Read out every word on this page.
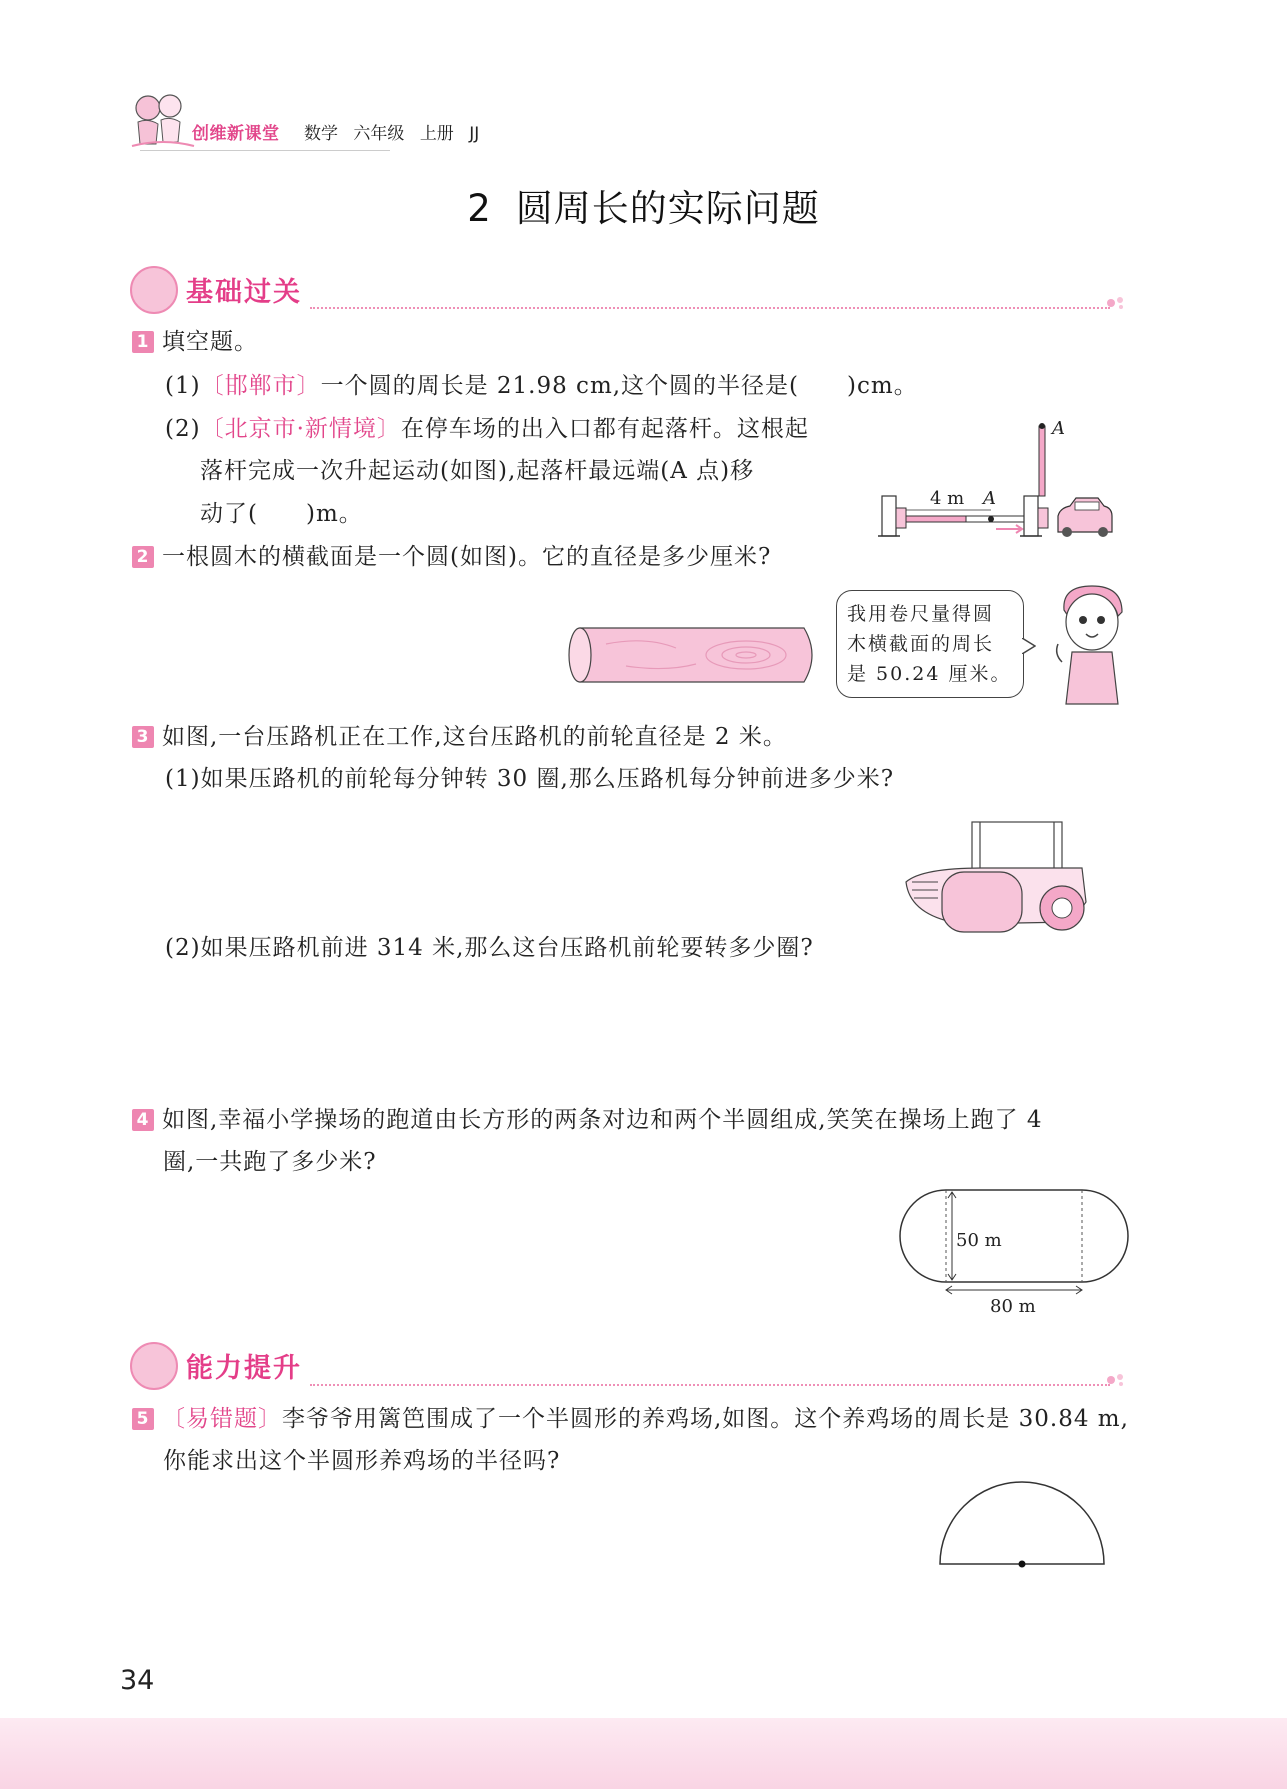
创维新课堂 数学 六年级 上册 JJ
2 圆周长的实际问题
基础过关
1 填空题。
(1)〔邯郸市〕一个圆的周长是 21.98 cm,这个圆的半径是( )cm。
(2)〔北京市·新情境〕在停车场的出入口都有起落杆。这根起
落杆完成一次升起运动(如图),起落杆最远端(A 点)移
动了( )m。
4 m A
A
2 一根圆木的横截面是一个圆(如图)。它的直径是多少厘米?
我用卷尺量得圆
木横截面的周长
是 50.24 厘米。
3 如图,一台压路机正在工作,这台压路机的前轮直径是 2 米。
(1)如果压路机的前轮每分钟转 30 圈,那么压路机每分钟前进多少米?
(2)如果压路机前进 314 米,那么这台压路机前轮要转多少圈?
4 如图,幸福小学操场的跑道由长方形的两条对边和两个半圆组成,笑笑在操场上跑了 4
圈,一共跑了多少米?
50 m
80 m
能力提升
5 〔易错题〕李爷爷用篱笆围成了一个半圆形的养鸡场,如图。这个养鸡场的周长是 30.84 m,
你能求出这个半圆形养鸡场的半径吗?
34
